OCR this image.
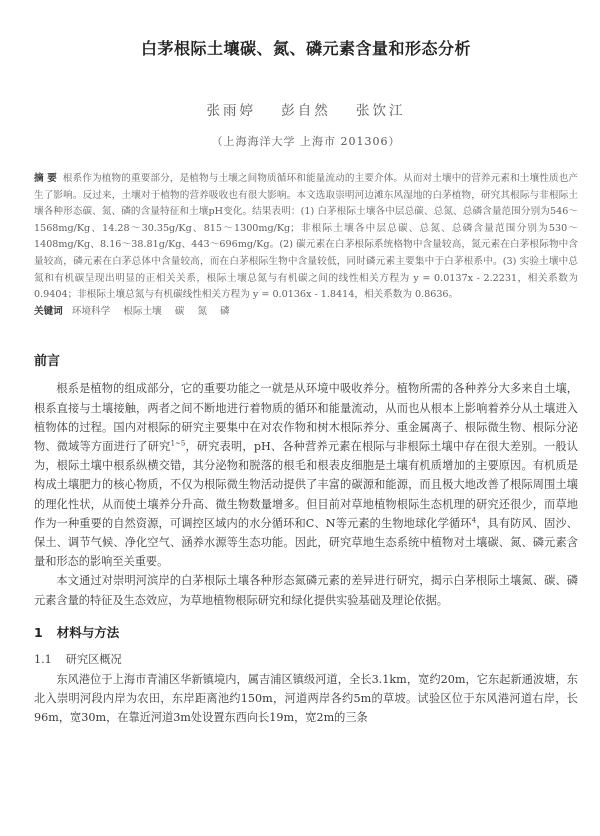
白茅根际土壤碳、氮、磷元素含量和形态分析
张雨婷 彭自然 张饮江
（上海海洋大学 上海市 201306）
摘 要 根系作为植物的重要部分，是植物与土壤之间物质循环和能量流动的主要介体。从而对土壤中的营养元素和土壤性质也产生了影响。反过来，土壤对于植物的营养吸收也有很大影响。本文选取崇明河边滩东风湿地的白茅植物，研究其根际与非根际土壤各种形态碳、氮、磷的含量特征和土壤pH变化。结果表明：(1) 白茅根际土壤各中层总碳、总氮、总磷含量范围分别为546～1568mg/Kg、14.28～30.35g/Kg、815～1300mg/Kg；非根际土壤各中层总碳、总氮、总磷含量范围分别为530～1408mg/Kg、8.16～38.81g/Kg、443～696mg/Kg。(2) 碳元素在白茅根际系统格物中含量较高，氮元素在白茅根际物中含量较高，磷元素在白茅总体中含量较高，而在白茅根际生物中含量较低，同时磷元素主要集中于白茅根系中。(3) 实验土壤中总氮和有机碳呈现出明显的正相关关系，根际土壤总氮与有机碳之间的线性相关方程为 y = 0.0137x - 2.2231，相关系数为 0.9404；非根际土壤总氮与有机碳线性相关方程为 y = 0.0136x - 1.8414，相关系数为 0.8636。
关键词 环境科学 根际土壤 碳 氮 磷
前言

根系是植物的组成部分，它的重要功能之一就是从环境中吸收养分。植物所需的各种养分大多来自土壤，根系直接与土壤接触，两者之间不断地进行着物质的循环和能量流动，从而也从根本上影响着养分从土壤进入植物体的过程。国内对根际的研究主要集中在对农作物和树木根际养分、重金属离子、根际微生物、根际分泌物、微域等方面进行了研究$^{1\sim 5}$，研究表明，pH、各种营养元素在根际与非根际土壤中存在很大差别。一般认为，根际土壤中根系纵横交错，其分泌物和脱落的根毛和根表皮细胞是土壤有机质增加的主要原因。有机质是构成土壤肥力的核心物质，不仅为根际微生物活动提供了丰富的碳源和能源，而且极大地改善了根际周围土壤的理化性状，从而使土壤养分升高、微生物数量增多。但目前对草地植物根际生态机理的研究还很少，而草地作为一种重要的自然资源，可调控区域内的水分循环和C、N等元素的生物地球化学循环$^4$，具有防风、固沙、保土、调节气候、净化空气、涵养水源等生态功能。因此，研究草地生态系统中植物对土壤碳、氮、磷元素含量和形态的影响至关重要。

本文通过对崇明河滨岸的白茅根际土壤各种形态氮磷元素的差异进行研究，揭示白茅根际土壤氮、碳、磷元素含量的特征及生态效应，为草地植物根际研究和绿化提供实验基础及理论依据。

1 材料与方法
1.1 研究区概况

东风港位于上海市青浦区华新镇境内，属吉浦区镇级河道，全长3.1km，宽约20m，它东起新通波塘，东北入崇明河段内岸为农田，东岸距离池约150m，河道两岸各约5m的草坡。试验区位于东风港河道右岸，长96m，宽30m，在靠近河道3m处设置东西向长19m，宽2m的三条
